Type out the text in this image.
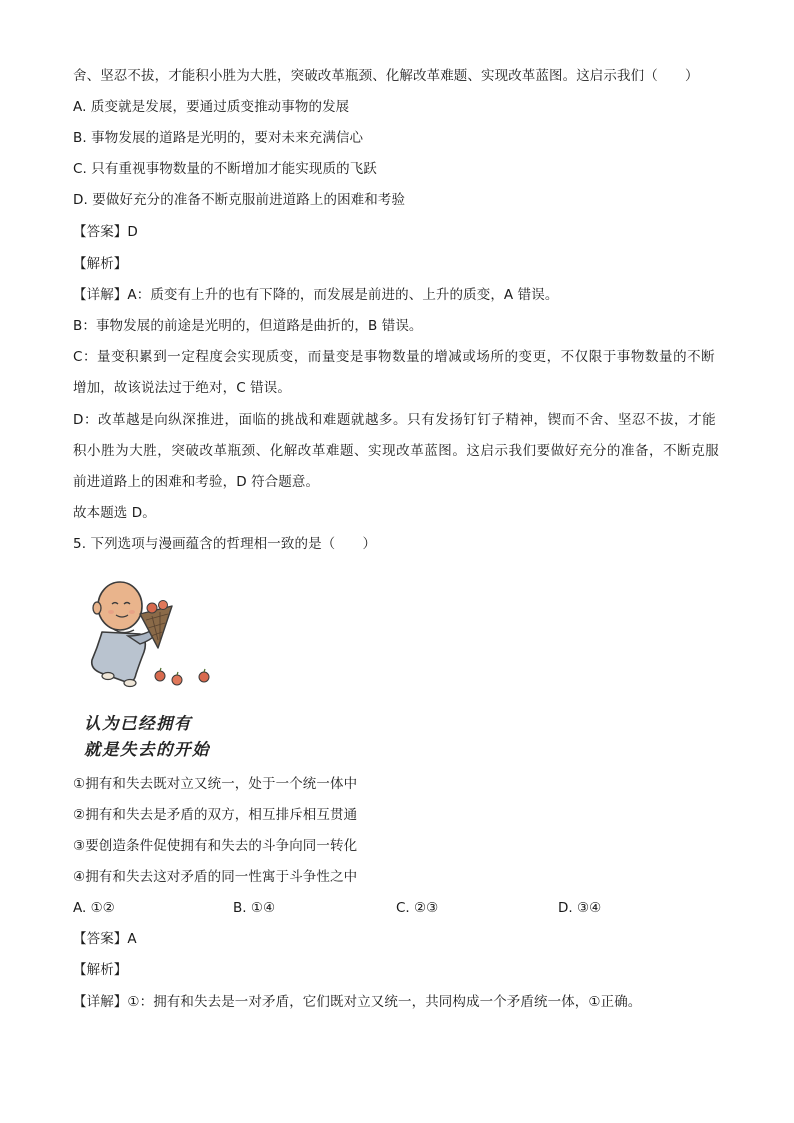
舍、坚忍不拔，才能积小胜为大胜，突破改革瓶颈、化解改革难题、实现改革蓝图。这启示我们（　　）
A. 质变就是发展，要通过质变推动事物的发展
B. 事物发展的道路是光明的，要对未来充满信心
C. 只有重视事物数量的不断增加才能实现质的飞跃
D. 要做好充分的准备不断克服前进道路上的困难和考验
【答案】D
【解析】
【详解】A：质变有上升的也有下降的，而发展是前进的、上升的质变，A 错误。
B：事物发展的前途是光明的，但道路是曲折的，B 错误。
C：量变积累到一定程度会实现质变，而量变是事物数量的增减或场所的变更，不仅限于事物数量的不断
增加，故该说法过于绝对，C 错误。
D：改革越是向纵深推进，面临的挑战和难题就越多。只有发扬钉钉子精神，锲而不舍、坚忍不拔，才能
积小胜为大胜，突破改革瓶颈、化解改革难题、实现改革蓝图。这启示我们要做好充分的准备，不断克服
前进道路上的困难和考验，D 符合题意。
故本题选 D。
5. 下列选项与漫画蕴含的哲理相一致的是（　　）
认为已经拥有
就是失去的开始
①拥有和失去既对立又统一，处于一个统一体中
②拥有和失去是矛盾的双方，相互排斥相互贯通
③要创造条件促使拥有和失去的斗争向同一转化
④拥有和失去这对矛盾的同一性寓于斗争性之中
A. ①②	B. ①④	C. ②③	D. ③④
【答案】A
【解析】
【详解】①：拥有和失去是一对矛盾，它们既对立又统一，共同构成一个矛盾统一体，①正确。
